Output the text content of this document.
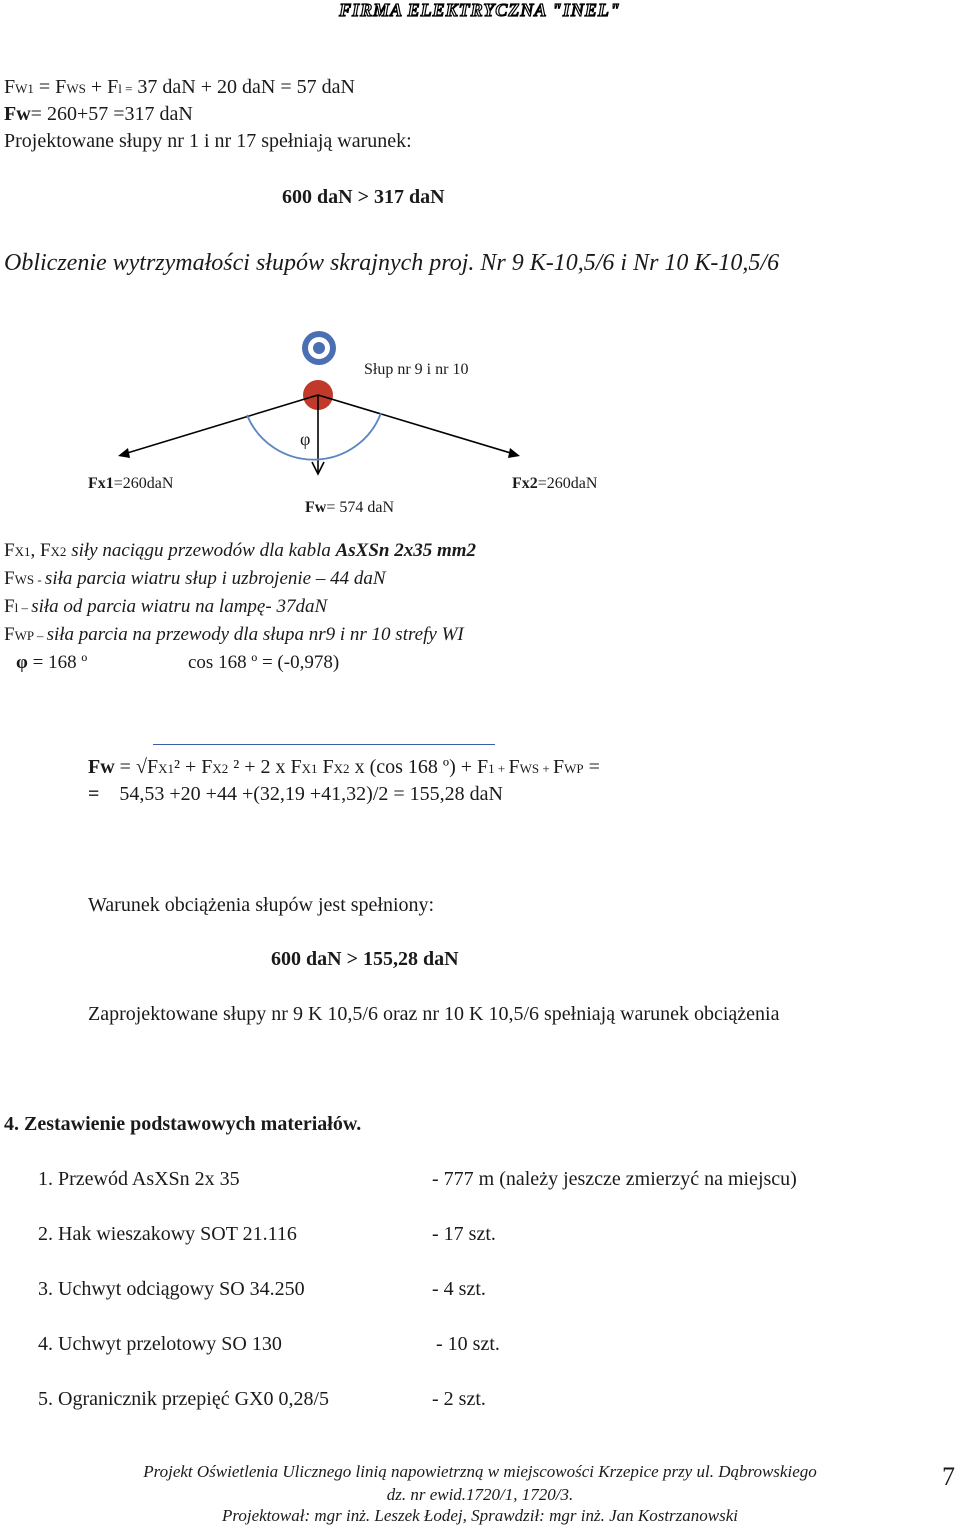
FIRMA ELEKTRYCZNA "INEL"
FW1 = FWS + Fl = 37 daN + 20 daN = 57 daN
Fw= 260+57 =317 daN
Projektowane słupy nr 1 i nr 17 spełniają warunek:
600 daN > 317 daN
Obliczenie wytrzymałości słupów skrajnych proj. Nr 9 K-10,5/6 i Nr 10 K-10,5/6
Słup nr 9 i nr 10
φ
Fx1=260daN	Fx2=260daN
Fw= 574 daN
FX1, FX2 siły naciągu przewodów dla kabla AsXSn 2x35 mm2
FWS - siła parcia wiatru słup i uzbrojenie – 44 daN
Fl – siła od parcia wiatru na lampę- 37daN
FWP – siła parcia na przewody dla słupa nr9 i nr 10 strefy WI
φ = 168 º	cos 168 º = (-0,978)
Fw = √FX1² + FX2 ² + 2 x FX1 FX2 x (cos 168 º) + F1 + FWS + FWP =
= 54,53 +20 +44 +(32,19 +41,32)/2 = 155,28 daN
Warunek obciążenia słupów jest spełniony:
600 daN > 155,28 daN
Zaprojektowane słupy nr 9 K 10,5/6 oraz nr 10 K 10,5/6 spełniają warunek obciążenia
4. Zestawienie podstawowych materiałów.
1. Przewód AsXSn 2x 35	- 777 m (należy jeszcze zmierzyć na miejscu)
2. Hak wieszakowy SOT 21.116	- 17 szt.
3. Uchwyt odciągowy SO 34.250	- 4 szt.
4. Uchwyt przelotowy SO 130	- 10 szt.
5. Ogranicznik przepięć GX0 0,28/5	- 2 szt.
Projekt Oświetlenia Ulicznego linią napowietrzną w miejscowości Krzepice przy ul. Dąbrowskiego
dz. nr ewid.1720/1, 1720/3.
Projektował: mgr inż. Leszek Łodej, Sprawdził: mgr inż. Jan Kostrzanowski
7
